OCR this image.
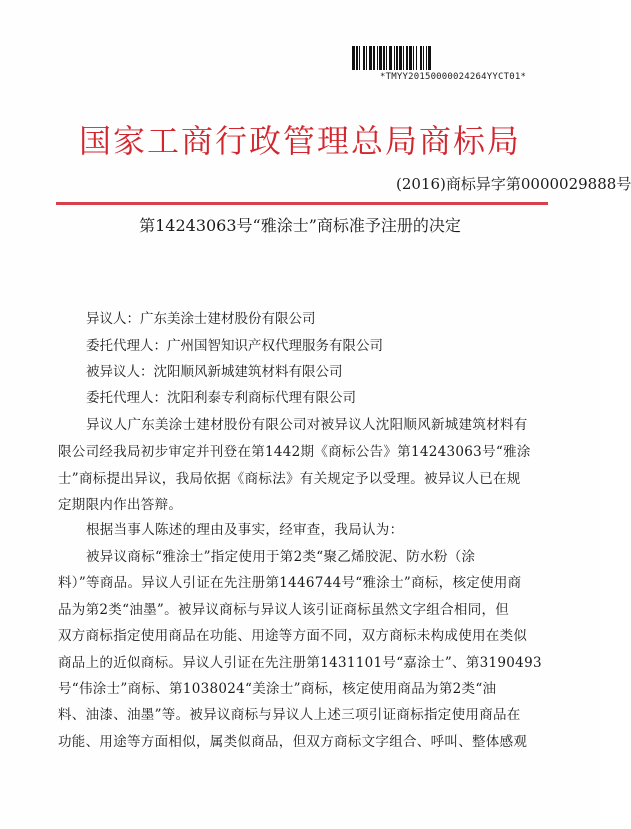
*TMYY20150000024264YYCT01*
国家工商行政管理总局商标局
(2016)商标异字第0000029888号
第14243063号“雅涂士”商标准予注册的决定
异议人：广东美涂士建材股份有限公司
委托代理人：广州国智知识产权代理服务有限公司
被异议人：沈阳顺风新城建筑材料有限公司
委托代理人：沈阳利泰专利商标代理有限公司
异议人广东美涂士建材股份有限公司对被异议人沈阳顺风新城建筑材料有
限公司经我局初步审定并刊登在第1442期《商标公告》第14243063号“雅涂
士”商标提出异议，我局依据《商标法》有关规定予以受理。被异议人已在规
定期限内作出答辩。
根据当事人陈述的理由及事实，经审查，我局认为：
被异议商标“雅涂士”指定使用于第2类“聚乙烯胶泥、防水粉（涂
料）”等商品。异议人引证在先注册第1446744号“雅涂士”商标，核定使用商
品为第2类“油墨”。被异议商标与异议人该引证商标虽然文字组合相同，但
双方商标指定使用商品在功能、用途等方面不同，双方商标未构成使用在类似
商品上的近似商标。异议人引证在先注册第1431101号“嘉涂士”、第3190493
号“伟涂士”商标、第1038024“美涂士”商标，核定使用商品为第2类“油
料、油漆、油墨”等。被异议商标与异议人上述三项引证商标指定使用商品在
功能、用途等方面相似，属类似商品，但双方商标文字组合、呼叫、整体感观
